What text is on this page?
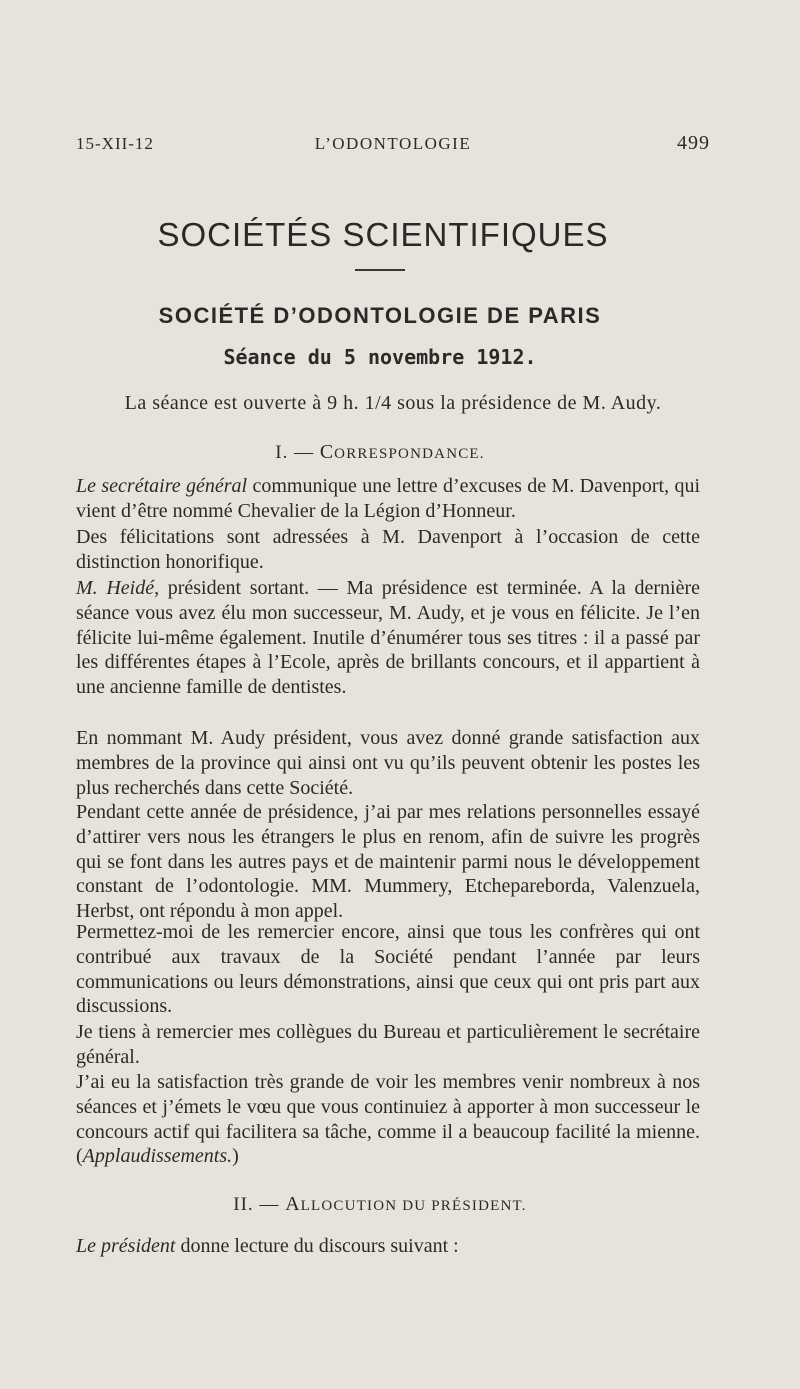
15-XII-12	L’ODONTOLOGIE	499
SOCIÉTÉS SCIENTIFIQUES
SOCIÉTÉ D’ODONTOLOGIE DE PARIS
Séance du 5 novembre 1912.
La séance est ouverte à 9 h. 1/4 sous la présidence de M. Audy.
I. — CORRESPONDANCE.

Le secrétaire général communique une lettre d’excuses de M. Davenport, qui vient d’être nommé Chevalier de la Légion d’Honneur.

Des félicitations sont adressées à M. Davenport à l’occasion de cette distinction honorifique.

M. Heidé, président sortant. — Ma présidence est terminée. A la dernière séance vous avez élu mon successeur, M. Audy, et je vous en félicite. Je l’en félicite lui-même également. Inutile d’énumérer tous ses titres : il a passé par les différentes étapes à l’Ecole, après de brillants concours, et il appartient à une ancienne famille de dentistes.

En nommant M. Audy président, vous avez donné grande satisfaction aux membres de la province qui ainsi ont vu qu’ils peuvent obtenir les postes les plus recherchés dans cette Société.

Pendant cette année de présidence, j’ai par mes relations personnelles essayé d’attirer vers nous les étrangers le plus en renom, afin de suivre les progrès qui se font dans les autres pays et de maintenir parmi nous le développement constant de l’odontologie. MM. Mummery, Etchepareborda, Valenzuela, Herbst, ont répondu à mon appel.

Permettez-moi de les remercier encore, ainsi que tous les confrères qui ont contribué aux travaux de la Société pendant l’année par leurs communications ou leurs démonstrations, ainsi que ceux qui ont pris part aux discussions.

Je tiens à remercier mes collègues du Bureau et particulièrement le secrétaire général.

J’ai eu la satisfaction très grande de voir les membres venir nombreux à nos séances et j’émets le vœu que vous continuiez à apporter à mon successeur le concours actif qui facilitera sa tâche, comme il a beaucoup facilité la mienne. (Applaudissements.)

II. — ALLOCUTION DU PRÉSIDENT.

Le président donne lecture du discours suivant :
